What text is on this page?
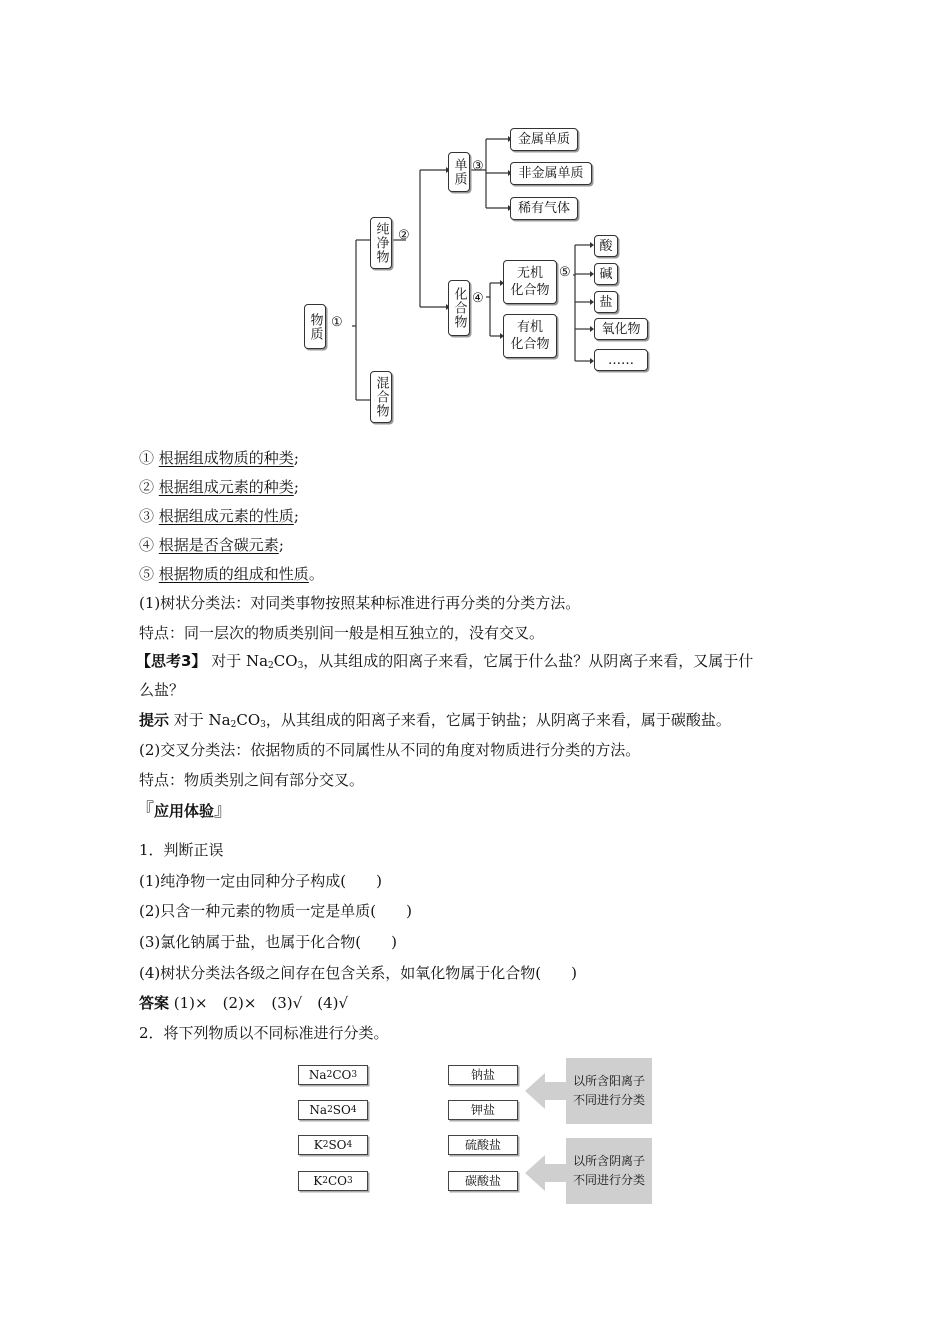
物质 ①
纯净物 ②
混合物
单质 ③
化合物 ④
金属单质
非金属单质
稀有气体
无机
化合物
⑤
有机
化合物
酸
碱
盐
氧化物
……
① 根据组成物质的种类;
② 根据组成元素的种类;
③ 根据组成元素的性质;
④ 根据是否含碳元素;
⑤ 根据物质的组成和性质。
(1)树状分类法：对同类事物按照某种标准进行再分类的分类方法。
特点：同一层次的物质类别间一般是相互独立的，没有交叉。
【思考3】 对于 $Na_2CO_3$，从其组成的阳离子来看，它属于什么盐？从阴离子来看，又属于什
么盐？
提示 对于 $Na_2CO_3$，从其组成的阳离子来看，它属于钠盐；从阴离子来看，属于碳酸盐。
(2)交叉分类法：依据物质的不同属性从不同的角度对物质进行分类的方法。
特点：物质类别之间有部分交叉。
『应用体验』
1．判断正误
(1)纯净物一定由同种分子构成(　　)
(2)只含一种元素的物质一定是单质(　　)
(3)氯化钠属于盐，也属于化合物(　　)
(4)树状分类法各级之间存在包含关系，如氧化物属于化合物(　　)
答案 (1)×　(2)×　(3)√　(4)√
2．将下列物质以不同标准进行分类。
Na 2 CO 3
Na 2 SO 4
K 2 SO 4
K 2 CO 3
钠盐
钾盐
硫酸盐
碳酸盐
以所含阳离子不同进行分类
以所含阴离子不同进行分类
